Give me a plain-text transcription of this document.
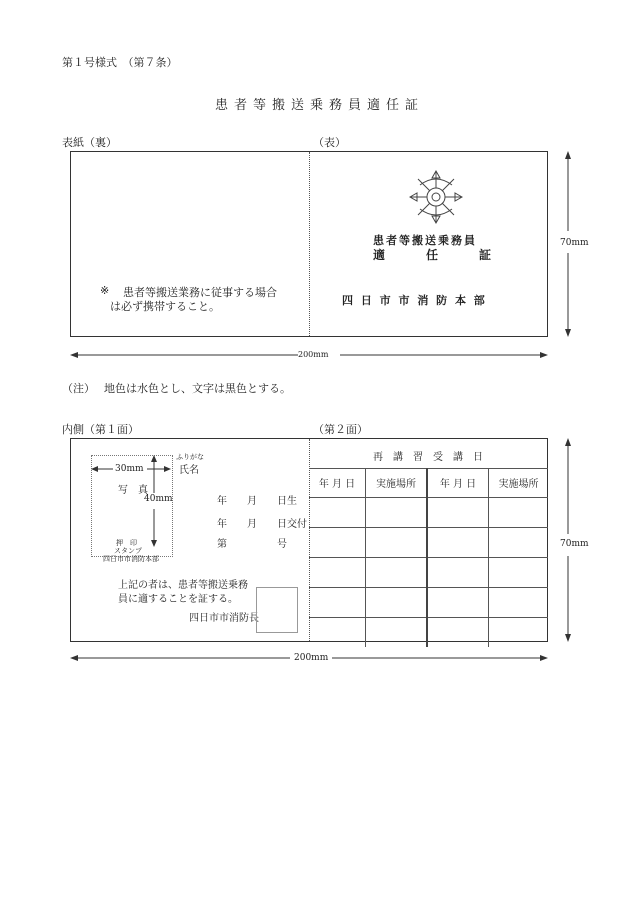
第１号様式　（第７条）
患者等搬送乗務員適任証
表紙（裏）	（表）
患者等搬送乗務員
適	任	証
四 日 市 市 消 防 本 部
※ 患者等搬送業務に従事する場合
は必ず携帯すること。
200mm
70mm
（注）　 地色は水色とし、文字は黒色とする。
内側（第１面）	（第２面）
30mm
写　真
40mm
押　印
スタンプ
四日市市消防本部
ふりがな
氏名
年　　月　　日生
年　　月　　日交付
第　　　　　号
上記の者は、患者等搬送乗務
員に適することを証する。
四日市市消防長
再　講　習　受　講　日
年 月 日	実施場所	年 月 日	実施場所

200mm
70mm
